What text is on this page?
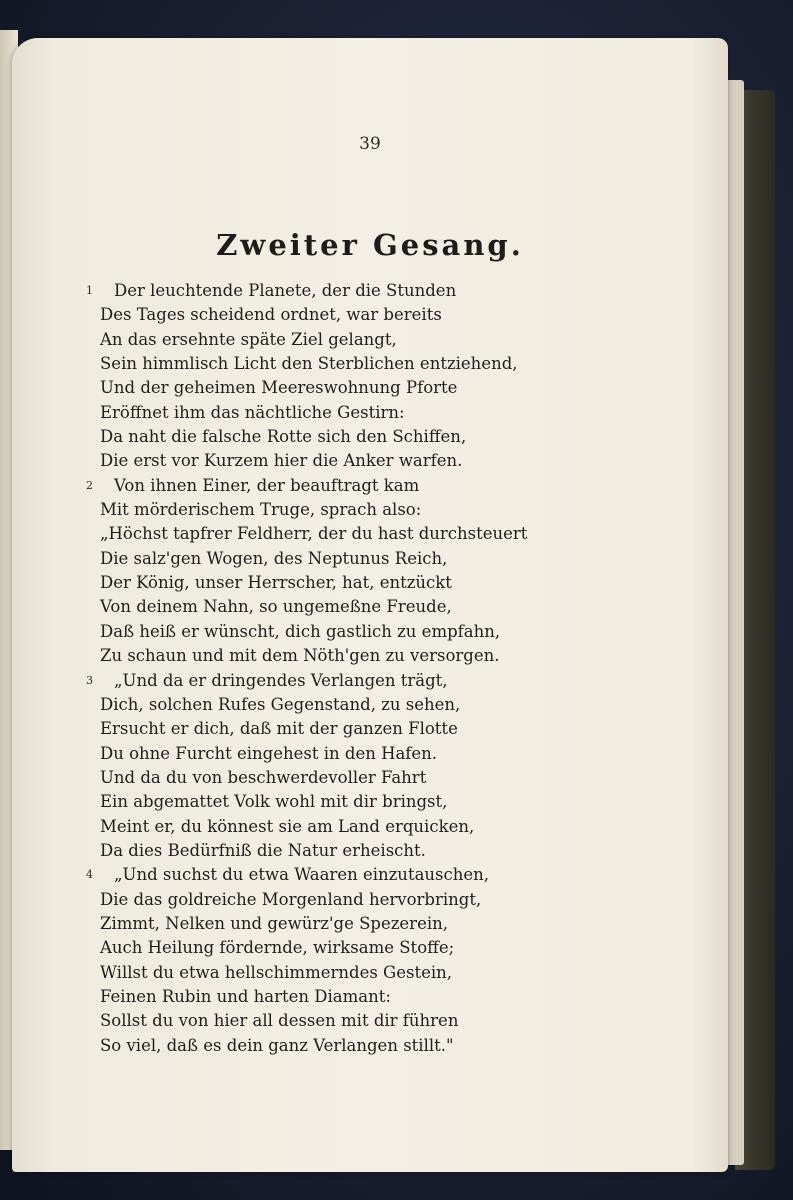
39
Zweiter Gesang.
1 Der leuchtende Planete, der die Stunden
Des Tages scheidend ordnet, war bereits
An das ersehnte späte Ziel gelangt,
Sein himmlisch Licht den Sterblichen entziehend,
Und der geheimen Meereswohnung Pforte
Eröffnet ihm das nächtliche Gestirn:
Da naht die falsche Rotte sich den Schiffen,
Die erst vor Kurzem hier die Anker warfen.
2 Von ihnen Einer, der beauftragt kam
Mit mörderischem Truge, sprach also:
„Höchst tapfrer Feldherr, der du hast durchsteuert
Die salz'gen Wogen, des Neptunus Reich,
Der König, unser Herrscher, hat, entzückt
Von deinem Nahn, so ungemeßne Freude,
Daß heiß er wünscht, dich gastlich zu empfahn,
Zu schaun und mit dem Nöth'gen zu versorgen.
3 „Und da er dringendes Verlangen trägt,
Dich, solchen Rufes Gegenstand, zu sehen,
Ersucht er dich, daß mit der ganzen Flotte
Du ohne Furcht eingehest in den Hafen.
Und da du von beschwerdevoller Fahrt
Ein abgemattet Volk wohl mit dir bringst,
Meint er, du könnest sie am Land erquicken,
Da dies Bedürfniß die Natur erheischt.
4 „Und suchst du etwa Waaren einzutauschen,
Die das goldreiche Morgenland hervorbringt,
Zimmt, Nelken und gewürz'ge Spezerein,
Auch Heilung fördernde, wirksame Stoffe;
Willst du etwa hellschimmerndes Gestein,
Feinen Rubin und harten Diamant:
Sollst du von hier all dessen mit dir führen
So viel, daß es dein ganz Verlangen stillt."
